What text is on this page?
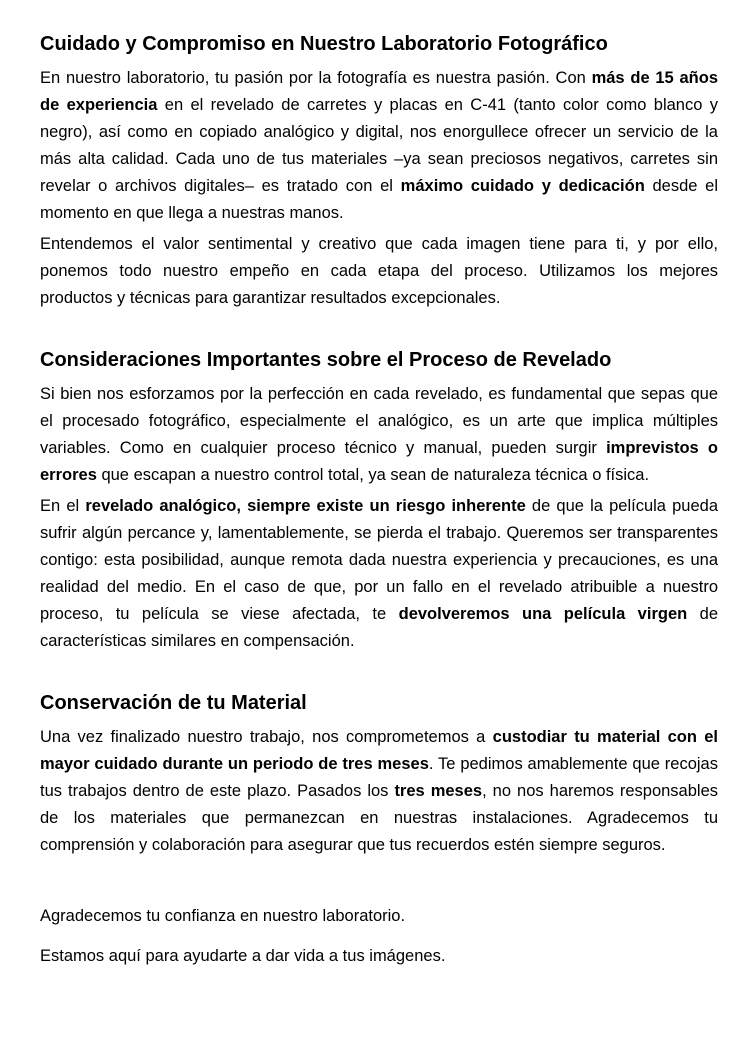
Cuidado y Compromiso en Nuestro Laboratorio Fotográfico

En nuestro laboratorio, tu pasión por la fotografía es nuestra pasión. Con más de 15 años de experiencia en el revelado de carretes y placas en C-41 (tanto color como blanco y negro), así como en copiado analógico y digital, nos enorgullece ofrecer un servicio de la más alta calidad. Cada uno de tus materiales –ya sean preciosos negativos, carretes sin revelar o archivos digitales– es tratado con el máximo cuidado y dedicación desde el momento en que llega a nuestras manos.

Entendemos el valor sentimental y creativo que cada imagen tiene para ti, y por ello, ponemos todo nuestro empeño en cada etapa del proceso. Utilizamos los mejores productos y técnicas para garantizar resultados excepcionales.

Consideraciones Importantes sobre el Proceso de Revelado

Si bien nos esforzamos por la perfección en cada revelado, es fundamental que sepas que el procesado fotográfico, especialmente el analógico, es un arte que implica múltiples variables. Como en cualquier proceso técnico y manual, pueden surgir imprevistos o errores que escapan a nuestro control total, ya sean de naturaleza técnica o física.

En el revelado analógico, siempre existe un riesgo inherente de que la película pueda sufrir algún percance y, lamentablemente, se pierda el trabajo. Queremos ser transparentes contigo: esta posibilidad, aunque remota dada nuestra experiencia y precauciones, es una realidad del medio. En el caso de que, por un fallo en el revelado atribuible a nuestro proceso, tu película se viese afectada, te devolveremos una película virgen de características similares en compensación.

Conservación de tu Material

Una vez finalizado nuestro trabajo, nos comprometemos a custodiar tu material con el mayor cuidado durante un periodo de tres meses. Te pedimos amablemente que recojas tus trabajos dentro de este plazo. Pasados los tres meses, no nos haremos responsables de los materiales que permanezcan en nuestras instalaciones. Agradecemos tu comprensión y colaboración para asegurar que tus recuerdos estén siempre seguros.

Agradecemos tu confianza en nuestro laboratorio.

Estamos aquí para ayudarte a dar vida a tus imágenes.
